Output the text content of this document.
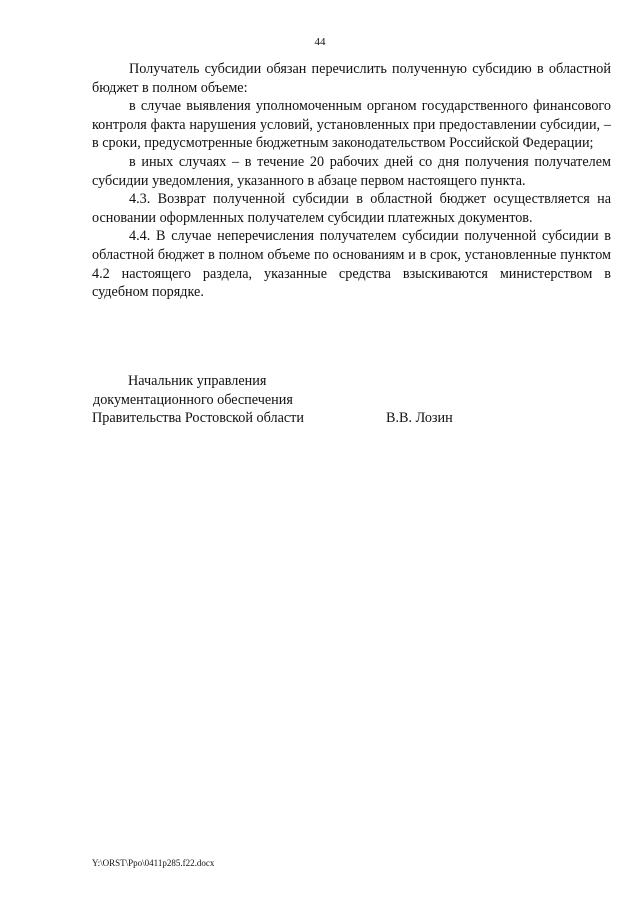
44

Получатель субсидии обязан перечислить полученную субсидию в областной бюджет в полном объеме:

в случае выявления уполномоченным органом государственного финансового контроля факта нарушения условий, установленных при предоставлении субсидии, – в сроки, предусмотренные бюджетным законодательством Российской Федерации;

в иных случаях – в течение 20 рабочих дней со дня получения получателем субсидии уведомления, указанного в абзаце первом настоящего пункта.

4.3. Возврат полученной субсидии в областной бюджет осуществляется на основании оформленных получателем субсидии платежных документов.

4.4. В случае неперечисления получателем субсидии полученной субсидии в областной бюджет в полном объеме по основаниям и в срок, установленные пунктом 4.2 настоящего раздела, указанные средства взыскиваются министерством в судебном порядке.

Начальник управления
документационного обеспечения
Правительства Ростовской области	В.В. Лозин
Y:\ORST\Ppo\0411p285.f22.docx
